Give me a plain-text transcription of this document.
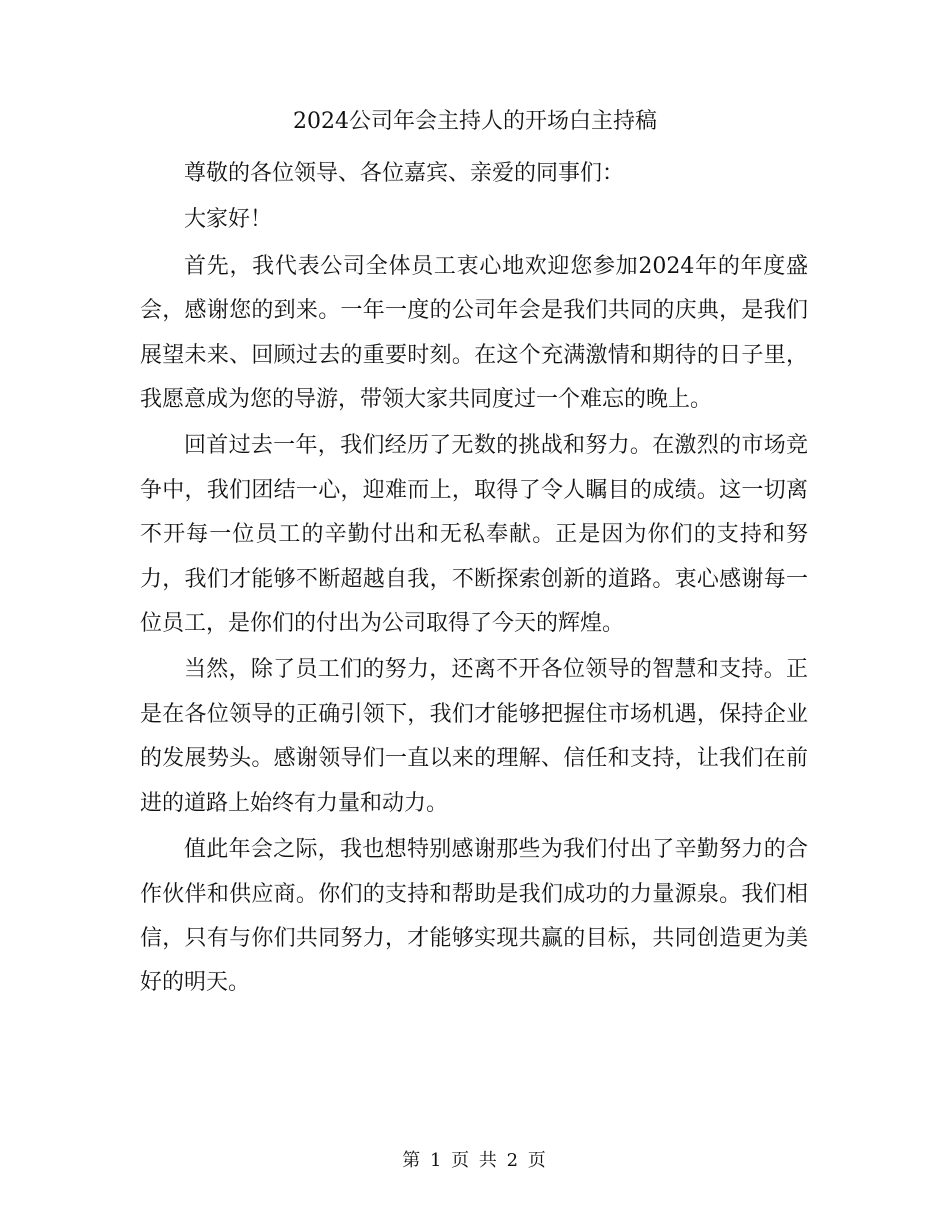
2024公司年会主持人的开场白主持稿

尊敬的各位领导、各位嘉宾、亲爱的同事们：

大家好！

首先，我代表公司全体员工衷心地欢迎您参加2024年的年度盛会，感谢您的到来。一年一度的公司年会是我们共同的庆典，是我们展望未来、回顾过去的重要时刻。在这个充满激情和期待的日子里，我愿意成为您的导游，带领大家共同度过一个难忘的晚上。

回首过去一年，我们经历了无数的挑战和努力。在激烈的市场竞争中，我们团结一心，迎难而上，取得了令人瞩目的成绩。这一切离不开每一位员工的辛勤付出和无私奉献。正是因为你们的支持和努力，我们才能够不断超越自我，不断探索创新的道路。衷心感谢每一位员工，是你们的付出为公司取得了今天的辉煌。

当然，除了员工们的努力，还离不开各位领导的智慧和支持。正是在各位领导的正确引领下，我们才能够把握住市场机遇，保持企业的发展势头。感谢领导们一直以来的理解、信任和支持，让我们在前进的道路上始终有力量和动力。

值此年会之际，我也想特别感谢那些为我们付出了辛勤努力的合作伙伴和供应商。你们的支持和帮助是我们成功的力量源泉。我们相信，只有与你们共同努力，才能够实现共赢的目标，共同创造更为美好的明天。

第 1 页 共 2 页
